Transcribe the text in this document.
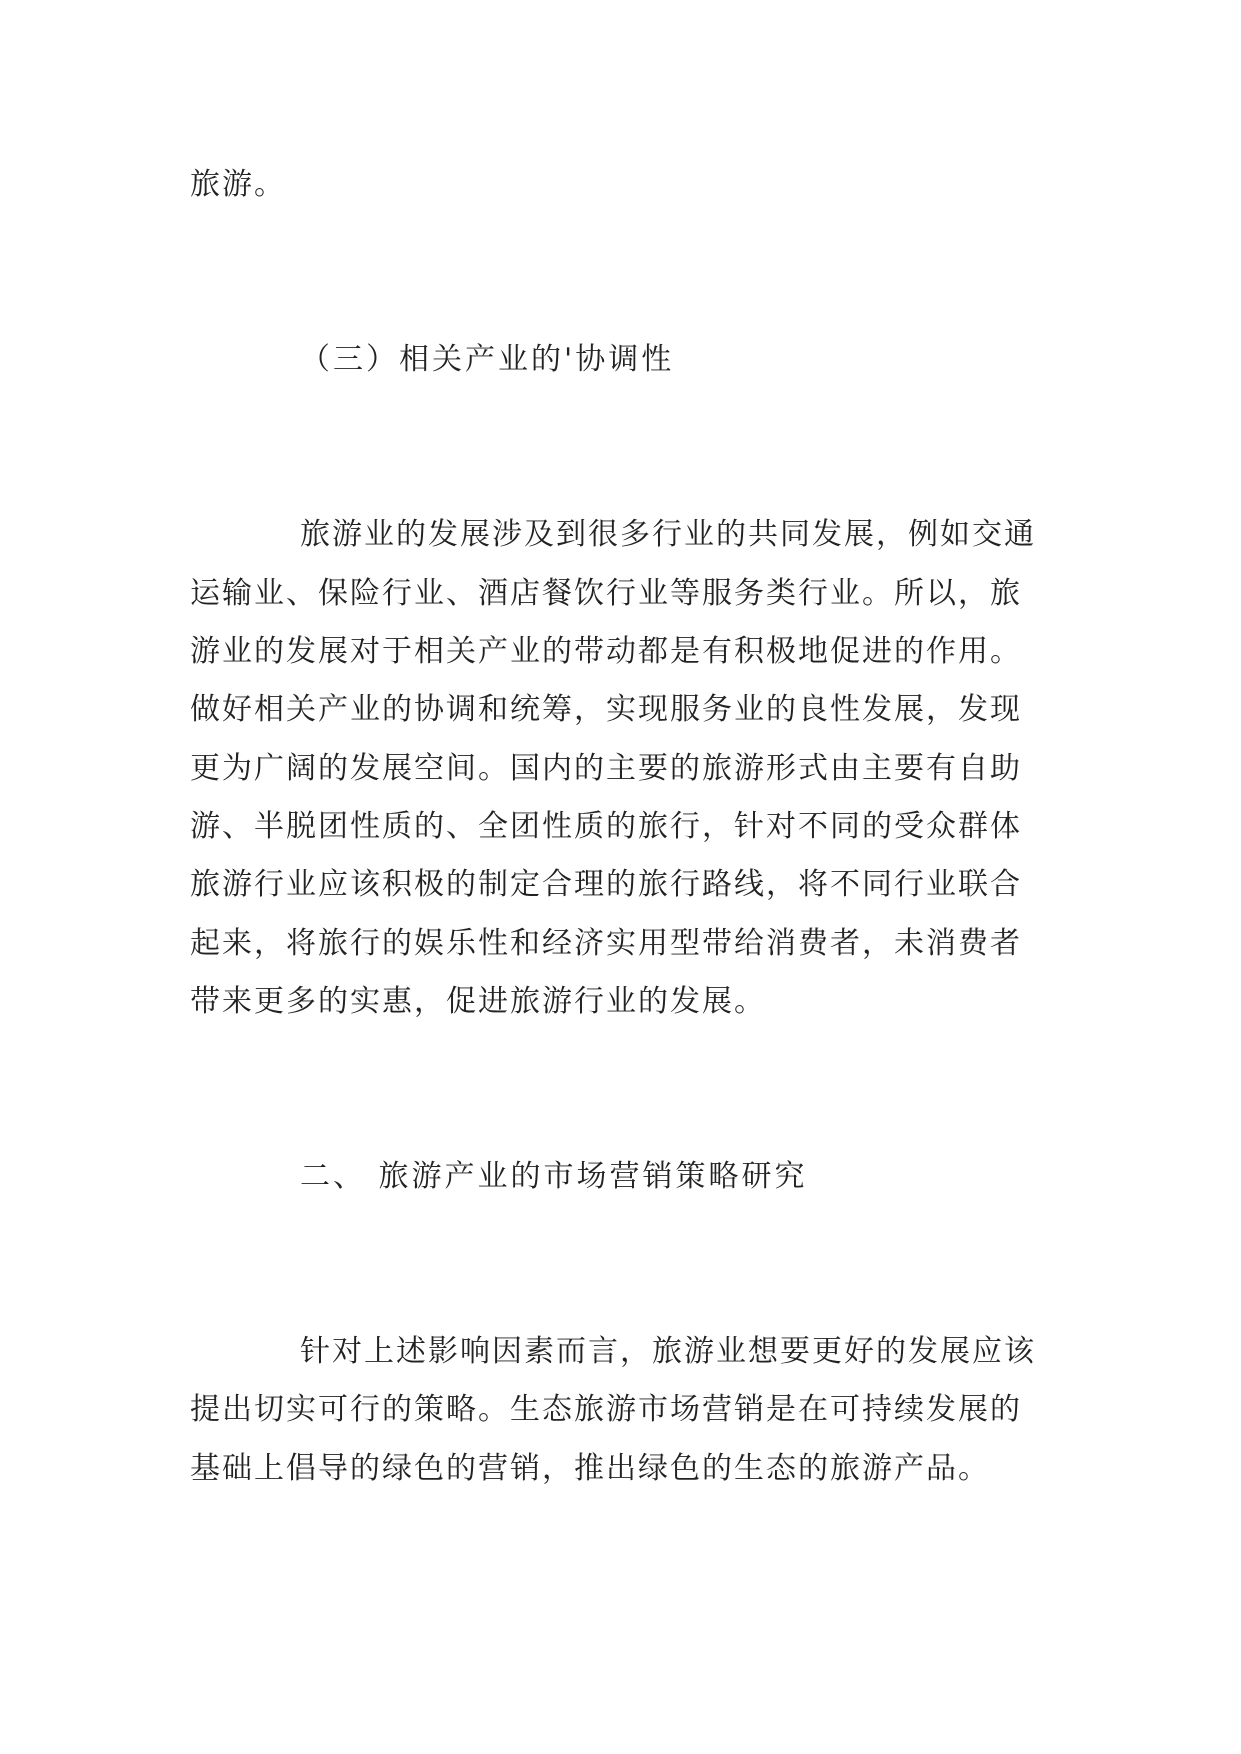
旅游。
（三）相关产业的'协调性
旅游业的发展涉及到很多行业的共同发展，例如交通
运输业、保险行业、酒店餐饮行业等服务类行业。所以，旅
游业的发展对于相关产业的带动都是有积极地促进的作用。
做好相关产业的协调和统筹，实现服务业的良性发展，发现
更为广阔的发展空间。国内的主要的旅游形式由主要有自助
游、半脱团性质的、全团性质的旅行，针对不同的受众群体
旅游行业应该积极的制定合理的旅行路线，将不同行业联合
起来，将旅行的娱乐性和经济实用型带给消费者，未消费者
带来更多的实惠，促进旅游行业的发展。
二、 旅游产业的市场营销策略研究
针对上述影响因素而言，旅游业想要更好的发展应该
提出切实可行的策略。生态旅游市场营销是在可持续发展的
基础上倡导的绿色的营销，推出绿色的生态的旅游产品。
